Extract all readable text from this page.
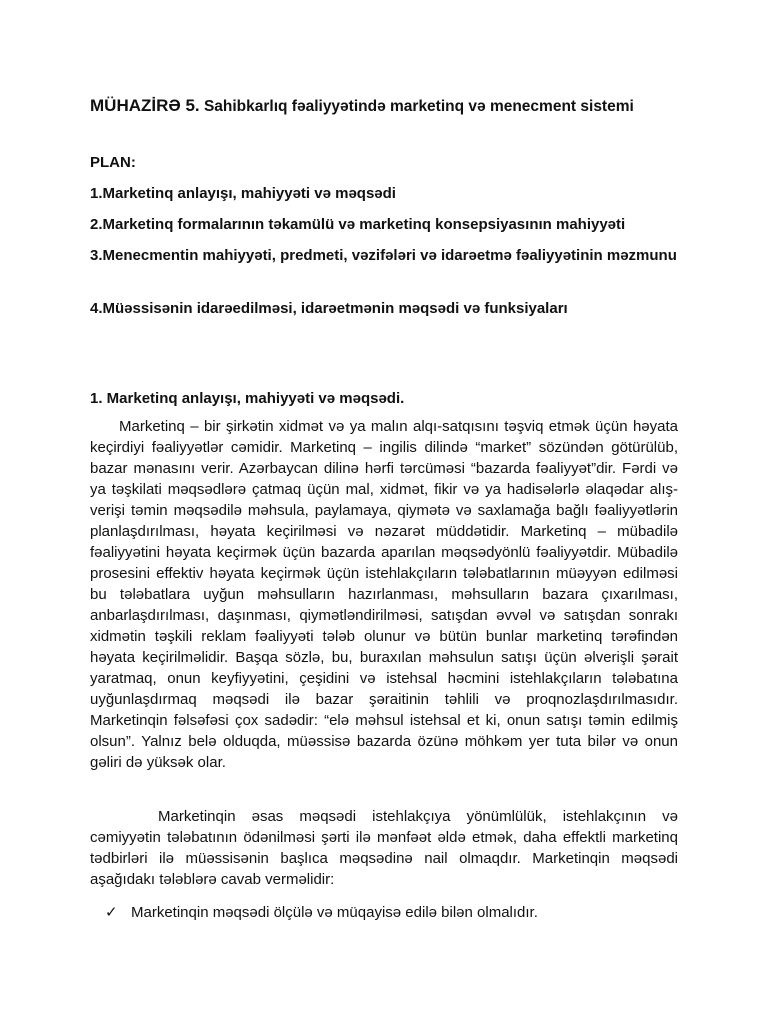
MÜHAZİRƏ 5. Sahibkarlıq fəaliyyətində marketinq və menecment sistemi

PLAN:

1.Marketinq anlayışı, mahiyyəti və məqsədi

2.Marketinq formalarının təkamülü və marketinq konsepsiyasının mahiyyəti

3.Menecmentin mahiyyəti, predmeti, vəzifələri və idarəetmə fəaliyyətinin məzmunu

4.Müəssisənin idarəedilməsi, idarəetmənin məqsədi və funksiyaları

1. Marketinq anlayışı, mahiyyəti və məqsədi.

Marketinq – bir şirkətin xidmət və ya malın alqı-satqısını təşviq etmək üçün həyata keçirdiyi fəaliyyətlər cəmidir. Marketinq – ingilis dilində “market” sözündən götürülüb, bazar mənasını verir. Azərbaycan dilinə hərfi tərcüməsi “bazarda fəaliyyət”dir. Fərdi və ya təşkilati məqsədlərə çatmaq üçün mal, xidmət, fikir və ya hadisələrlə əlaqədar alış-verişi təmin məqsədilə məhsula, paylamaya, qiymətə və saxlamağa bağlı fəaliyyətlərin planlaşdırılması, həyata keçirilməsi və nəzarət müddətidir. Marketinq – mübadilə fəaliyyətini həyata keçirmək üçün bazarda aparılan məqsədyönlü fəaliyyətdir. Mübadilə prosesini effektiv həyata keçirmək üçün istehlakçıların tələbatlarının müəyyən edilməsi bu tələbatlara uyğun məhsulların hazırlanması, məhsulların bazara çıxarılması, anbarlaşdırılması, daşınması, qiymətləndirilməsi, satışdan əvvəl və satışdan sonrakı xidmətin təşkili reklam fəaliyyəti tələb olunur və bütün bunlar marketinq tərəfindən həyata keçirilməlidir. Başqa sözlə, bu, buraxılan məhsulun satışı üçün əlverişli şərait yaratmaq, onun keyfiyyətini, çeşidini və istehsal həcmini istehlakçıların tələbatına uyğunlaşdırmaq məqsədi ilə bazar şəraitinin təhlili və proqnozlaşdırılmasıdır. Marketinqin fəlsəfəsi çox sadədir: “elə məhsul istehsal et ki, onun satışı təmin edilmiş olsun”. Yalnız belə olduqda, müəssisə bazarda özünə möhkəm yer tuta bilər və onun gəliri də yüksək olar.

Marketinqin əsas məqsədi istehlakçıya yönümlülük, istehlakçının və cəmiyyətin tələbatının ödənilməsi şərti ilə mənfəət əldə etmək, daha effektli marketinq tədbirləri ilə müəssisənin başlıca məqsədinə nail olmaqdır. Marketinqin məqsədi aşağıdakı tələblərə cavab verməlidir:

✓ Marketinqin məqsədi ölçülə və müqayisə edilə bilən olmalıdır.
